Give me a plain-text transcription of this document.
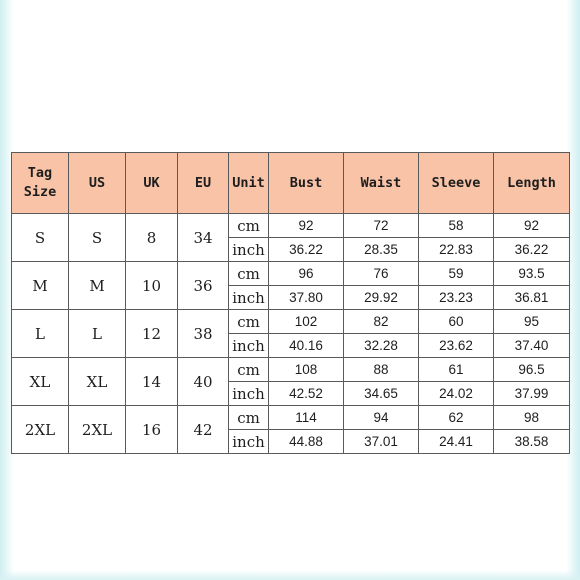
Tag
Size	US	UK	EU	Unit	Bust	Waist	Sleeve	Length
S	S	8	34	cm	92	72	58	92
				inch	36.22	28.35	22.83	36.22
M	M	10	36	cm	96	76	59	93.5
				inch	37.80	29.92	23.23	36.81
L	L	12	38	cm	102	82	60	95
				inch	40.16	32.28	23.62	37.40
XL	XL	14	40	cm	108	88	61	96.5
				inch	42.52	34.65	24.02	37.99
2XL	2XL	16	42	cm	114	94	62	98
				inch	44.88	37.01	24.41	38.58
